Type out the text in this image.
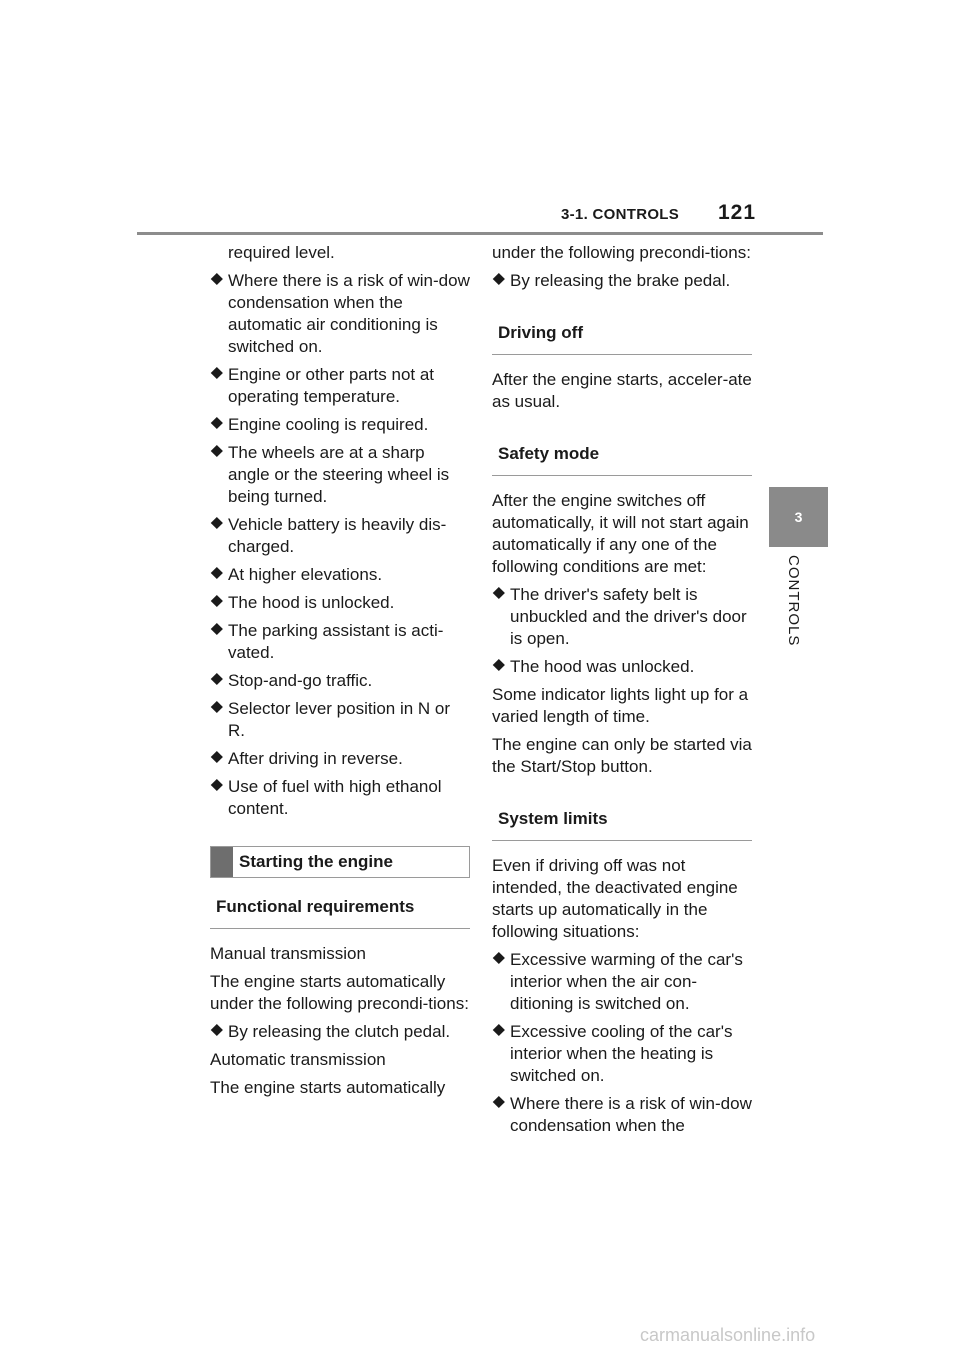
3-1. CONTROLS 121
3
CONTROLS

required level.

⯁ Where there is a risk of win-dow condensation when the automatic air conditioning is switched on.
⯁ Engine or other parts not at operating temperature.
⯁ Engine cooling is required.
⯁ The wheels are at a sharp angle or the steering wheel is being turned.
⯁ Vehicle battery is heavily dis-charged.
⯁ At higher elevations.
⯁ The hood is unlocked.
⯁ The parking assistant is acti-vated.
⯁ Stop-and-go traffic.
⯁ Selector lever position in N or R.
⯁ After driving in reverse.
⯁ Use of fuel with high ethanol content.
Starting the engine
Functional requirements

Manual transmission

The engine starts automatically under the following precondi-tions:

⯁ By releasing the clutch pedal.

Automatic transmission

The engine starts automatically

under the following precondi-tions:

⯁ By releasing the brake pedal.
Driving off

After the engine starts, acceler-ate as usual.

Safety mode

After the engine switches off automatically, it will not start again automatically if any one of the following conditions are met:

⯁ The driver's safety belt is unbuckled and the driver's door is open.
⯁ The hood was unlocked.

Some indicator lights light up for a varied length of time.

The engine can only be started via the Start/Stop button.

System limits

Even if driving off was not intended, the deactivated engine starts up automatically in the following situations:

⯁ Excessive warming of the car's interior when the air con-ditioning is switched on.
⯁ Excessive cooling of the car's interior when the heating is switched on.
⯁ Where there is a risk of win-dow condensation when the
carmanualsonline.info
